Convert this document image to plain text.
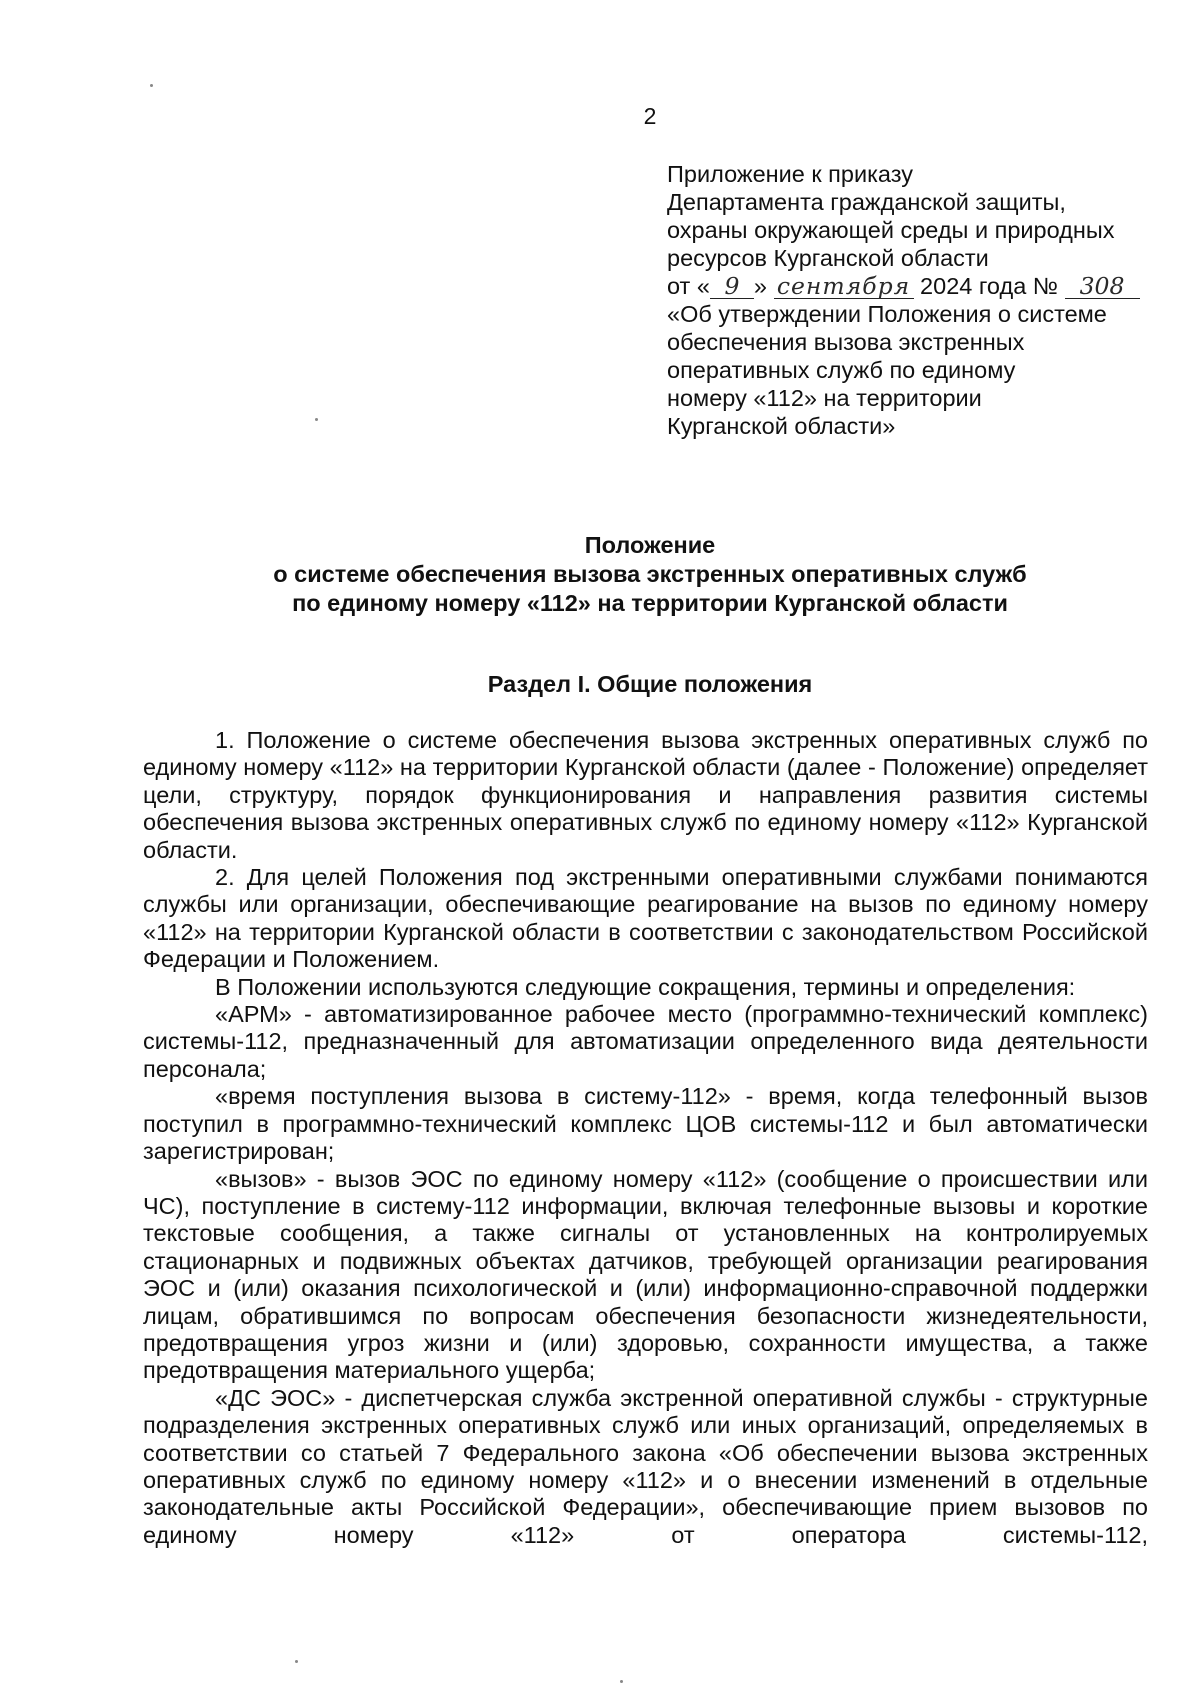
2
Приложение к приказу
Департамента гражданской защиты,
охраны окружающей среды и природных
ресурсов Курганской области
от « 9 » сентября 2024 года № 308
«Об утверждении Положения о системе
обеспечения вызова экстренных
оперативных служб по единому
номеру «112» на территории
Курганской области»
Положение
о системе обеспечения вызова экстренных оперативных служб
по единому номеру «112» на территории Курганской области
Раздел I. Общие положения

1. Положение о системе обеспечения вызова экстренных оперативных служб по единому номеру «112» на территории Курганской области (далее - Положение) определяет цели, структуру, порядок функционирования и направления развития системы обеспечения вызова экстренных оперативных служб по единому номеру «112» Курганской области.

2. Для целей Положения под экстренными оперативными службами понимаются службы или организации, обеспечивающие реагирование на вызов по единому номеру «112» на территории Курганской области в соответствии с законодательством Российской Федерации и Положением.

В Положении используются следующие сокращения, термины и определения:

«АРМ» - автоматизированное рабочее место (программно-технический комплекс) системы-112, предназначенный для автоматизации определенного вида деятельности персонала;

«время поступления вызова в систему-112» - время, когда телефонный вызов поступил в программно-технический комплекс ЦОВ системы-112 и был автоматически зарегистрирован;

«вызов» - вызов ЭОС по единому номеру «112» (сообщение о происшествии или ЧС), поступление в систему-112 информации, включая телефонные вызовы и короткие текстовые сообщения, а также сигналы от установленных на контролируемых стационарных и подвижных объектах датчиков, требующей организации реагирования ЭОС и (или) оказания психологической и (или) информационно-справочной поддержки лицам, обратившимся по вопросам обеспечения безопасности жизнедеятельности, предотвращения угроз жизни и (или) здоровью, сохранности имущества, а также предотвращения материального ущерба;

«ДС ЭОС» - диспетчерская служба экстренной оперативной службы - структурные подразделения экстренных оперативных служб или иных организаций, определяемых в соответствии со статьей 7 Федерального закона «Об обеспечении вызова экстренных оперативных служб по единому номеру «112» и о внесении изменений в отдельные законодательные акты Российской Федерации», обеспечивающие прием вызовов по единому номеру «112» от оператора системы-112,
